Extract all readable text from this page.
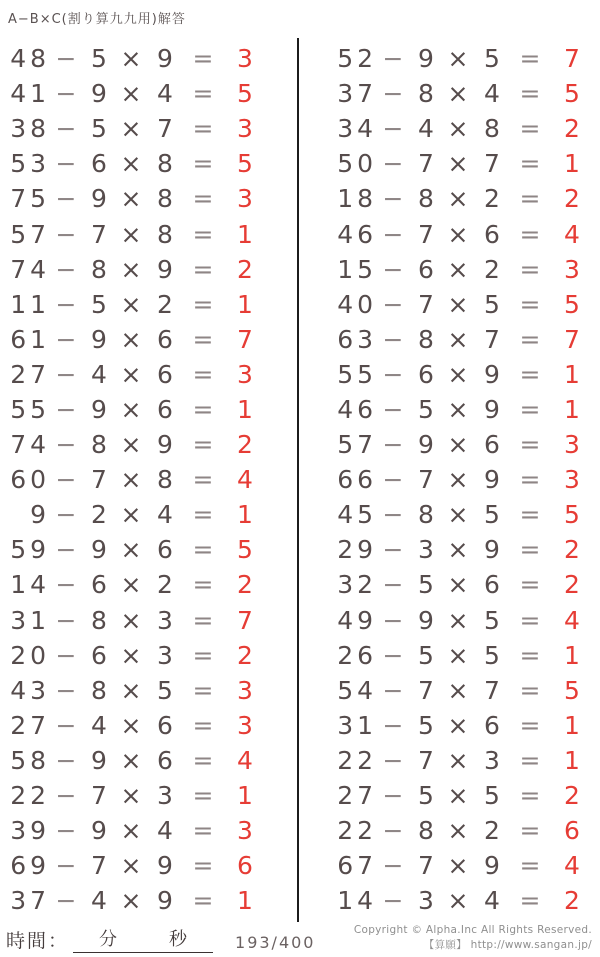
A−B×C(割り算九九用)解答
48 − 5 × 9 = 3
41 − 9 × 4 = 5
38 − 5 × 7 = 3
53 − 6 × 8 = 5
75 − 9 × 8 = 3
57 − 7 × 8 = 1
74 − 8 × 9 = 2
11 − 5 × 2 = 1
61 − 9 × 6 = 7
27 − 4 × 6 = 3
55 − 9 × 6 = 1
74 − 8 × 9 = 2
60 − 7 × 8 = 4
9 − 2 × 4 = 1
59 − 9 × 6 = 5
14 − 6 × 2 = 2
31 − 8 × 3 = 7
20 − 6 × 3 = 2
43 − 8 × 5 = 3
27 − 4 × 6 = 3
58 − 9 × 6 = 4
22 − 7 × 3 = 1
39 − 9 × 4 = 3
69 − 7 × 9 = 6
37 − 4 × 9 = 1
52 − 9 × 5 = 7
37 − 8 × 4 = 5
34 − 4 × 8 = 2
50 − 7 × 7 = 1
18 − 8 × 2 = 2
46 − 7 × 6 = 4
15 − 6 × 2 = 3
40 − 7 × 5 = 5
63 − 8 × 7 = 7
55 − 6 × 9 = 1
46 − 5 × 9 = 1
57 − 9 × 6 = 3
66 − 7 × 9 = 3
45 − 8 × 5 = 5
29 − 3 × 9 = 2
32 − 5 × 6 = 2
49 − 9 × 5 = 4
26 − 5 × 5 = 1
54 − 7 × 7 = 5
31 − 5 × 6 = 1
22 − 7 × 3 = 1
27 − 5 × 5 = 2
22 − 8 × 2 = 6
67 − 7 × 9 = 4
14 − 3 × 4 = 2
時間： 分	秒	193/400
Copyright © Alpha.Inc All Rights Reserved.
【算願】 http://www.sangan.jp/
